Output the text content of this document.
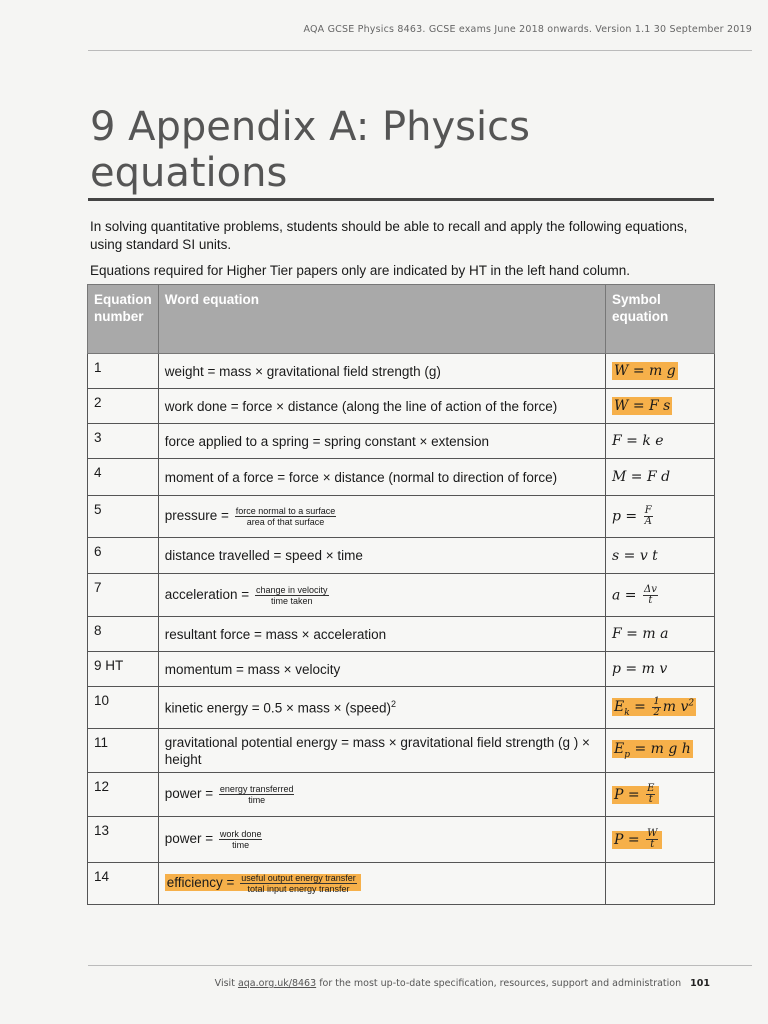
AQA GCSE Physics 8463. GCSE exams June 2018 onwards. Version 1.1 30 September 2019
9 Appendix A: Physics equations

In solving quantitative problems, students should be able to recall and apply the following equations, using standard SI units.

Equations required for Higher Tier papers only are indicated by HT in the left hand column.

Equation number	Word equation	Symbol equation
1	weight = mass × gravitational field strength (g)	W = m g
2	work done = force × distance (along the line of action of the force)	W = F s
3	force applied to a spring = spring constant × extension	F = k e
4	moment of a force = force × distance (normal to direction of force)	M = F d
5	pressure = $\frac{\text{force normal to a surface}}{\text{area of that surface}}$	$p = \frac{F}{A}$

6	distance travelled = speed × time	s = v t
7	acceleration = $\frac{\text{change in velocity}}{\text{time taken}}$	$a = \frac{\Delta v}{t}$

8	resultant force = mass × acceleration	F = m a
9 HT	momentum = mass × velocity	p = m v
10	kinetic energy = 0.5 × mass × (speed)$^2$	$E_k = \frac{1}{2}$ m $v^2$
11	gravitational potential energy = mass × gravitational field strength (g ) × height	$E_p = m$ g h
12	power = $\frac{\text{energy transferred}}{\text{time}}$	$P = \frac{E}{t}$

13	power = $\frac{\text{work done}}{\text{time}}$	$P = \frac{W}{t}$

14	efficiency = $\frac{\text{useful output energy transfer}}{\text{total input energy transfer}}$

Visit aqa.org.uk/8463 for the most up-to-date specification, resources, support and administration 101
